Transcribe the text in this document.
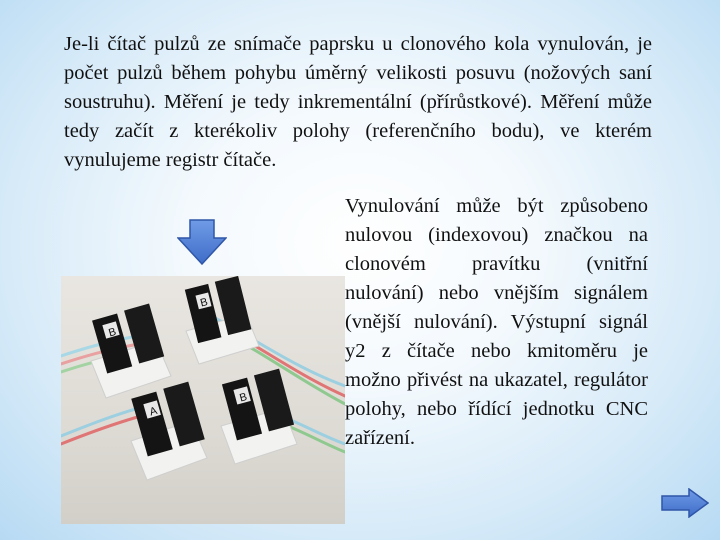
Je-li čítač pulzů ze snímače paprsku u clonového kola vynulován, je počet pulzů během pohybu úměrný velikosti posuvu (nožových saní soustruhu). Měření je tedy inkrementální (přírůstkové). Měření může tedy začít z kterékoliv polohy (referenčního bodu), ve kterém vynulujeme registr čítače.

Vynulování může být způsobeno nulovou (indexovou) značkou na clonovém pravítku (vnitřní nulování) nebo vnějším signálem (vnější nulování). Výstupní signál y2 z čítače nebo kmitoměru je možno přivést na ukazatel, regulátor polohy, nebo řídící jednotku CNC zařízení.

B
B
A
B
